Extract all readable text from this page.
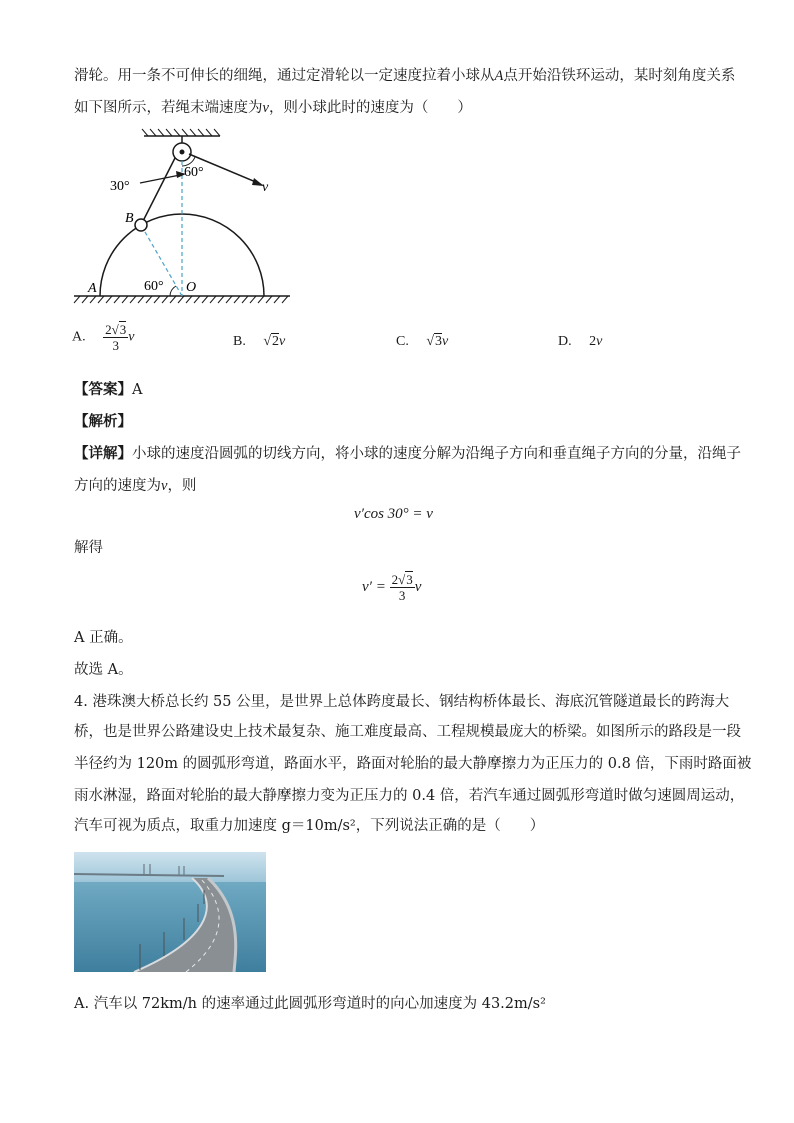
滑轮。用一条不可伸长的细绳，通过定滑轮以一定速度拉着小球从A点开始沿铁环运动，某时刻角度关系
如下图所示，若绳末端速度为v，则小球此时的速度为（　　）
30°
60°
v
B
A	60° O
A. $\frac{2√3}{3}$ v	B. √2v	C. √3v	D. 2v
【答案】A
【解析】
【详解】小球的速度沿圆弧的切线方向，将小球的速度分解为沿绳子方向和垂直绳子方向的分量，沿绳子
方向的速度为v，则
v′cos 30° = v
解得
$v' = \frac{2√3}{3}$ v
A 正确。
故选 A。
4. 港珠澳大桥总长约 55 公里，是世界上总体跨度最长、钢结构桥体最长、海底沉管隧道最长的跨海大
桥，也是世界公路建设史上技术最复杂、施工难度最高、工程规模最庞大的桥梁。如图所示的路段是一段
半径约为 120m 的圆弧形弯道，路面水平，路面对轮胎的最大静摩擦力为正压力的 0.8 倍，下雨时路面被
雨水淋湿，路面对轮胎的最大静摩擦力变为正压力的 0.4 倍，若汽车通过圆弧形弯道时做匀速圆周运动，
汽车可视为质点，取重力加速度 g＝10m/s²，下列说法正确的是（　　）
A. 汽车以 72km/h 的速率通过此圆弧形弯道时的向心加速度为 43.2m/s²
